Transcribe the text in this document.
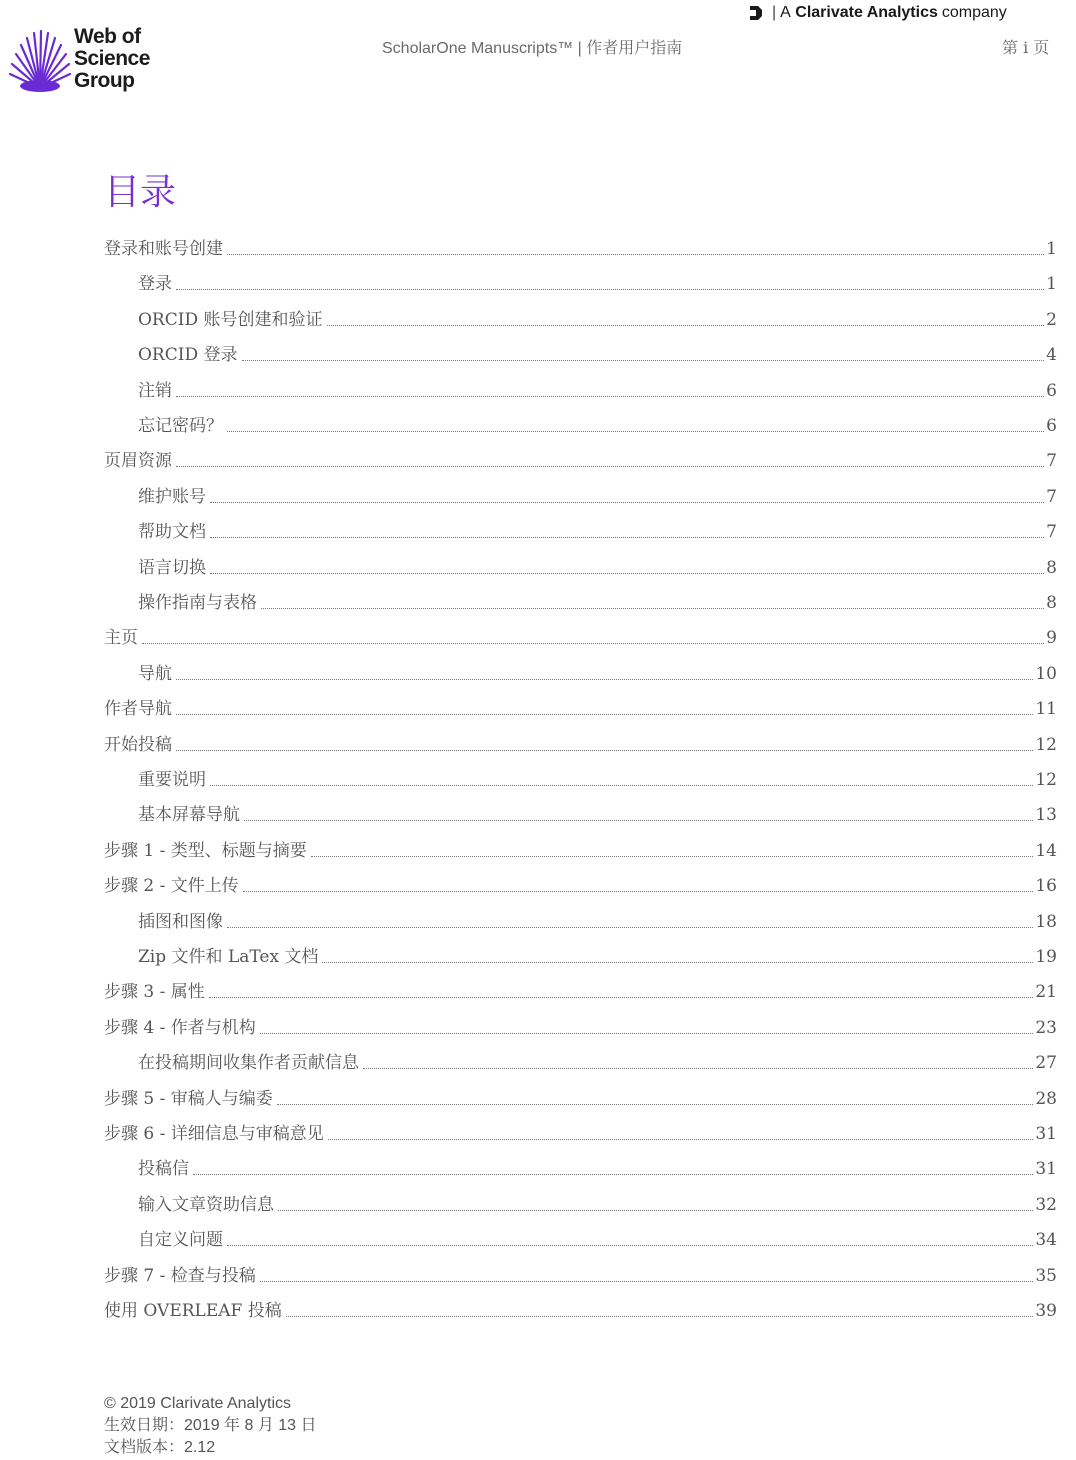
Web of
Science
Group
| A
Clarivate Analytics company
ScholarOne Manuscripts™ | 作者用户指南	第 i 页
目录
登录和账号创建	1
登录	1
ORCID 账号创建和验证	2
ORCID 登录	4
注销	6
忘记密码？	6
页眉资源	7
维护账号	7
帮助文档	7
语言切换	8
操作指南与表格	8
主页	9
导航	10
作者导航	11
开始投稿	12
重要说明	12
基本屏幕导航	13
步骤 1 - 类型、标题与摘要	14
步骤 2 - 文件上传	16
插图和图像	18
Zip 文件和 LaTex 文档	19
步骤 3 - 属性	21
步骤 4 - 作者与机构	23
在投稿期间收集作者贡献信息	27
步骤 5 - 审稿人与编委	28
步骤 6 - 详细信息与审稿意见	31
投稿信	31
输入文章资助信息	32
自定义问题	34
步骤 7 - 检查与投稿	35
使用 OVERLEAF 投稿	39
© 2019 Clarivate Analytics
生效日期：2019 年 8 月 13 日
文档版本：2.12
